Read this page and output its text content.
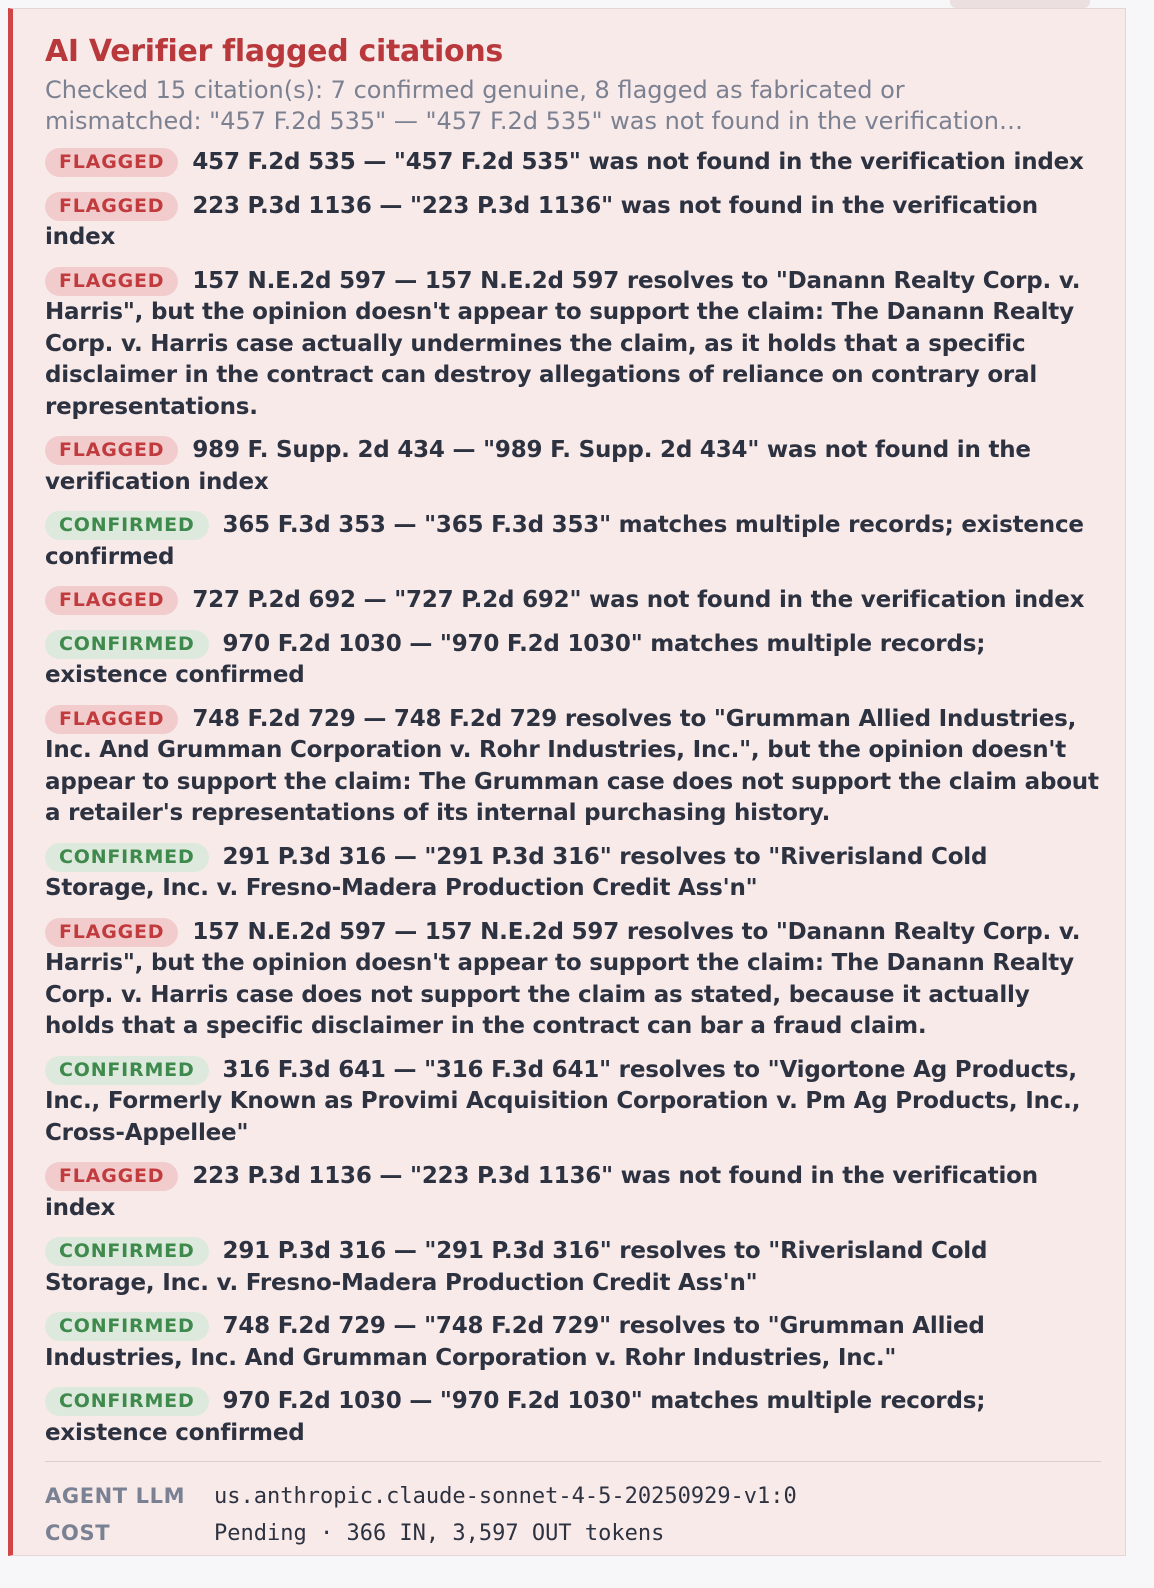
AI Verifier flagged citations
Checked 15 citation(s): 7 confirmed genuine, 8 flagged as fabricated or
mismatched: "457 F.2d 535" — "457 F.2d 535" was not found in the verification…
FLAGGED 457 F.2d 535 — "457 F.2d 535" was not found in the verification index
FLAGGED 223 P.3d 1136 — "223 P.3d 1136" was not found in the verification index
FLAGGED 157 N.E.2d 597 — 157 N.E.2d 597 resolves to "Danann Realty Corp. v. Harris", but the opinion doesn't appear to support the claim: The Danann Realty Corp. v. Harris case actually undermines the claim, as it holds that a specific disclaimer in the contract can destroy allegations of reliance on contrary oral representations.
FLAGGED 989 F. Supp. 2d 434 — "989 F. Supp. 2d 434" was not found in the verification index
CONFIRMED 365 F.3d 353 — "365 F.3d 353" matches multiple records; existence confirmed
FLAGGED 727 P.2d 692 — "727 P.2d 692" was not found in the verification index
CONFIRMED 970 F.2d 1030 — "970 F.2d 1030" matches multiple records; existence confirmed
FLAGGED 748 F.2d 729 — 748 F.2d 729 resolves to "Grumman Allied Industries, Inc. And Grumman Corporation v. Rohr Industries, Inc.", but the opinion doesn't appear to support the claim: The Grumman case does not support the claim about a retailer's representations of its internal purchasing history.
CONFIRMED 291 P.3d 316 — "291 P.3d 316" resolves to "Riverisland Cold Storage, Inc. v. Fresno-Madera Production Credit Ass'n"
FLAGGED 157 N.E.2d 597 — 157 N.E.2d 597 resolves to "Danann Realty Corp. v. Harris", but the opinion doesn't appear to support the claim: The Danann Realty Corp. v. Harris case does not support the claim as stated, because it actually holds that a specific disclaimer in the contract can bar a fraud claim.
CONFIRMED 316 F.3d 641 — "316 F.3d 641" resolves to "Vigortone Ag Products, Inc., Formerly Known as Provimi Acquisition Corporation v. Pm Ag Products, Inc., Cross-Appellee"
FLAGGED 223 P.3d 1136 — "223 P.3d 1136" was not found in the verification index
CONFIRMED 291 P.3d 316 — "291 P.3d 316" resolves to "Riverisland Cold Storage, Inc. v. Fresno-Madera Production Credit Ass'n"
CONFIRMED 748 F.2d 729 — "748 F.2d 729" resolves to "Grumman Allied Industries, Inc. And Grumman Corporation v. Rohr Industries, Inc."
CONFIRMED 970 F.2d 1030 — "970 F.2d 1030" matches multiple records; existence confirmed
AGENT LLM	us.anthropic.claude-sonnet-4-5-20250929-v1:0
COST	Pending · 366 IN, 3,597 OUT tokens
